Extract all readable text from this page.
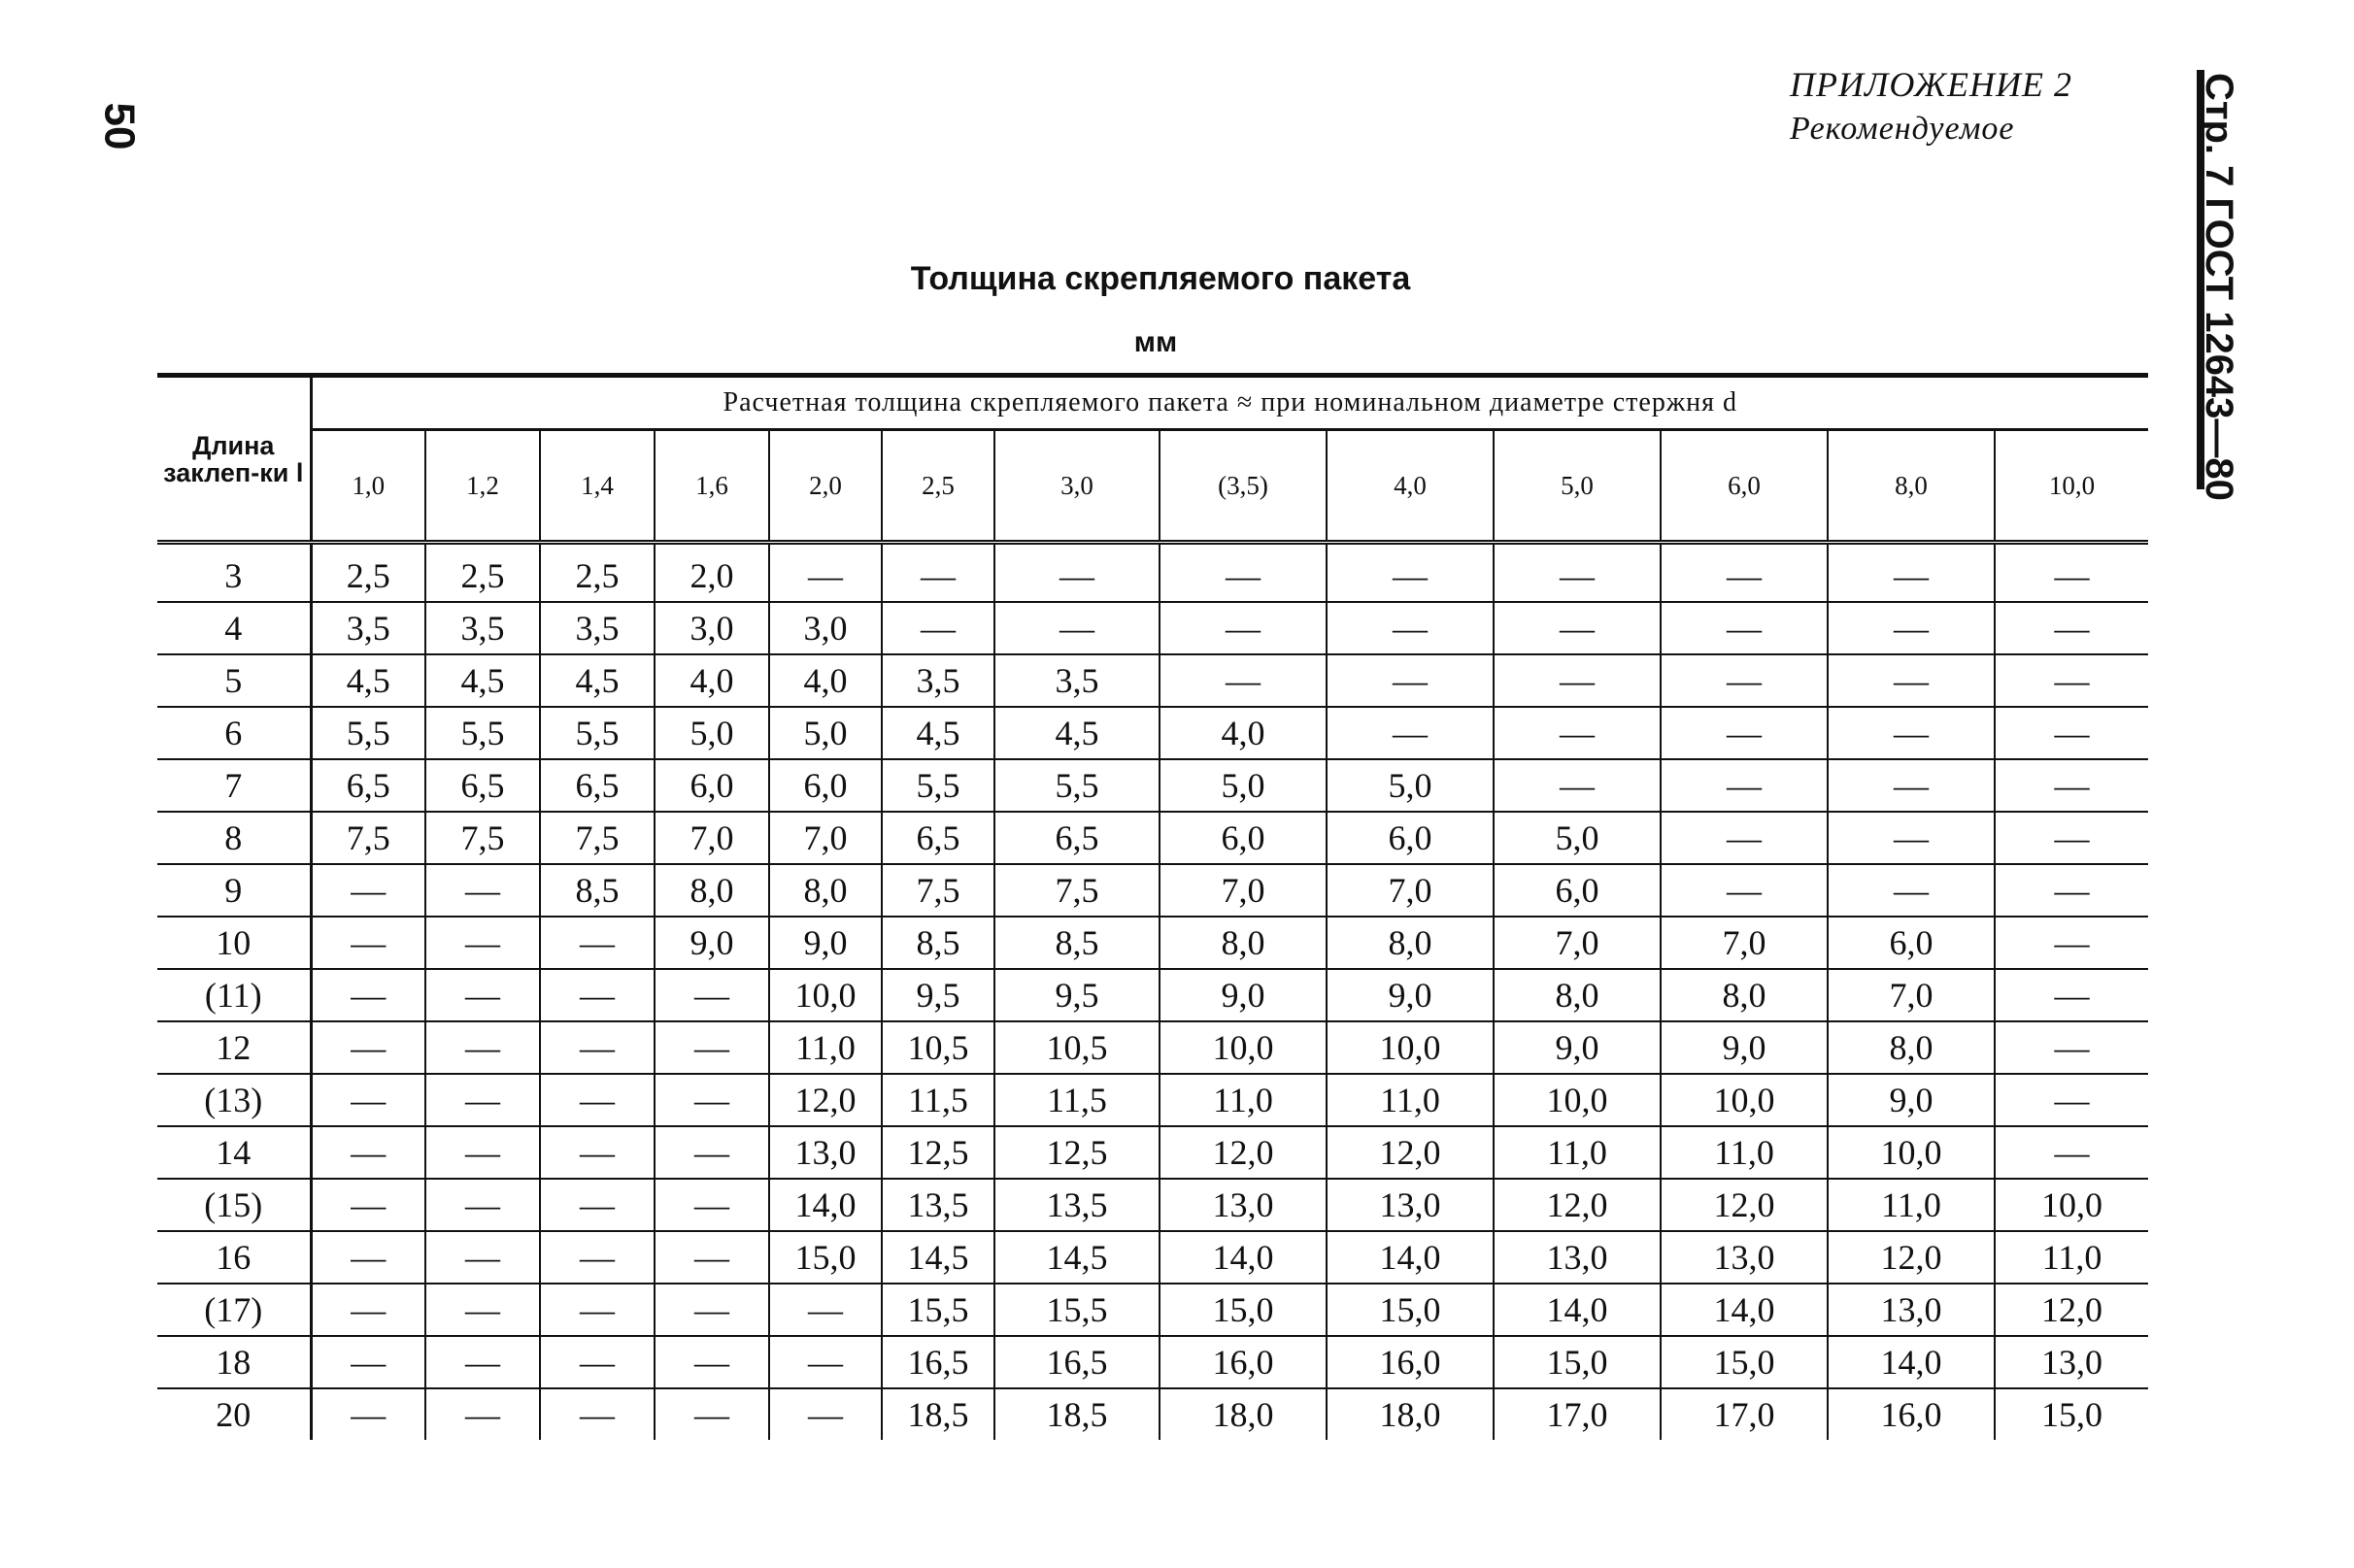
50
ПРИЛОЖЕНИЕ 2
Рекомендуемое	Стр. 7 ГОСТ 12643—80
Толщина скрепляемого пакета
мм
Длина заклеп-ки l	Расчетная толщина скрепляемого пакета ≈ при номинальном диаметре стержня d												
	1,0	1,2	1,4	1,6	2,0	2,5	3,0	(3,5)	4,0	5,0	6,0	8,0	10,0
3	2,5	2,5	2,5	2,0	—	—	—	—	—	—	—	—	—
4	3,5	3,5	3,5	3,0	3,0	—	—	—	—	—	—	—	—
5	4,5	4,5	4,5	4,0	4,0	3,5	3,5	—	—	—	—	—	—
6	5,5	5,5	5,5	5,0	5,0	4,5	4,5	4,0	—	—	—	—	—
7	6,5	6,5	6,5	6,0	6,0	5,5	5,5	5,0	5,0	—	—	—	—
8	7,5	7,5	7,5	7,0	7,0	6,5	6,5	6,0	6,0	5,0	—	—	—
9	—	—	8,5	8,0	8,0	7,5	7,5	7,0	7,0	6,0	—	—	—
10	—	—	—	9,0	9,0	8,5	8,5	8,0	8,0	7,0	7,0	6,0	—
(11)	—	—	—	—	10,0	9,5	9,5	9,0	9,0	8,0	8,0	7,0	—
12	—	—	—	—	11,0	10,5	10,5	10,0	10,0	9,0	9,0	8,0	—
(13)	—	—	—	—	12,0	11,5	11,5	11,0	11,0	10,0	10,0	9,0	—
14	—	—	—	—	13,0	12,5	12,5	12,0	12,0	11,0	11,0	10,0	—
(15)	—	—	—	—	14,0	13,5	13,5	13,0	13,0	12,0	12,0	11,0	10,0
16	—	—	—	—	15,0	14,5	14,5	14,0	14,0	13,0	13,0	12,0	11,0
(17)	—	—	—	—	—	15,5	15,5	15,0	15,0	14,0	14,0	13,0	12,0
18	—	—	—	—	—	16,5	16,5	16,0	16,0	15,0	15,0	14,0	13,0
20	—	—	—	—	—	18,5	18,5	18,0	18,0	17,0	17,0	16,0	15,0
